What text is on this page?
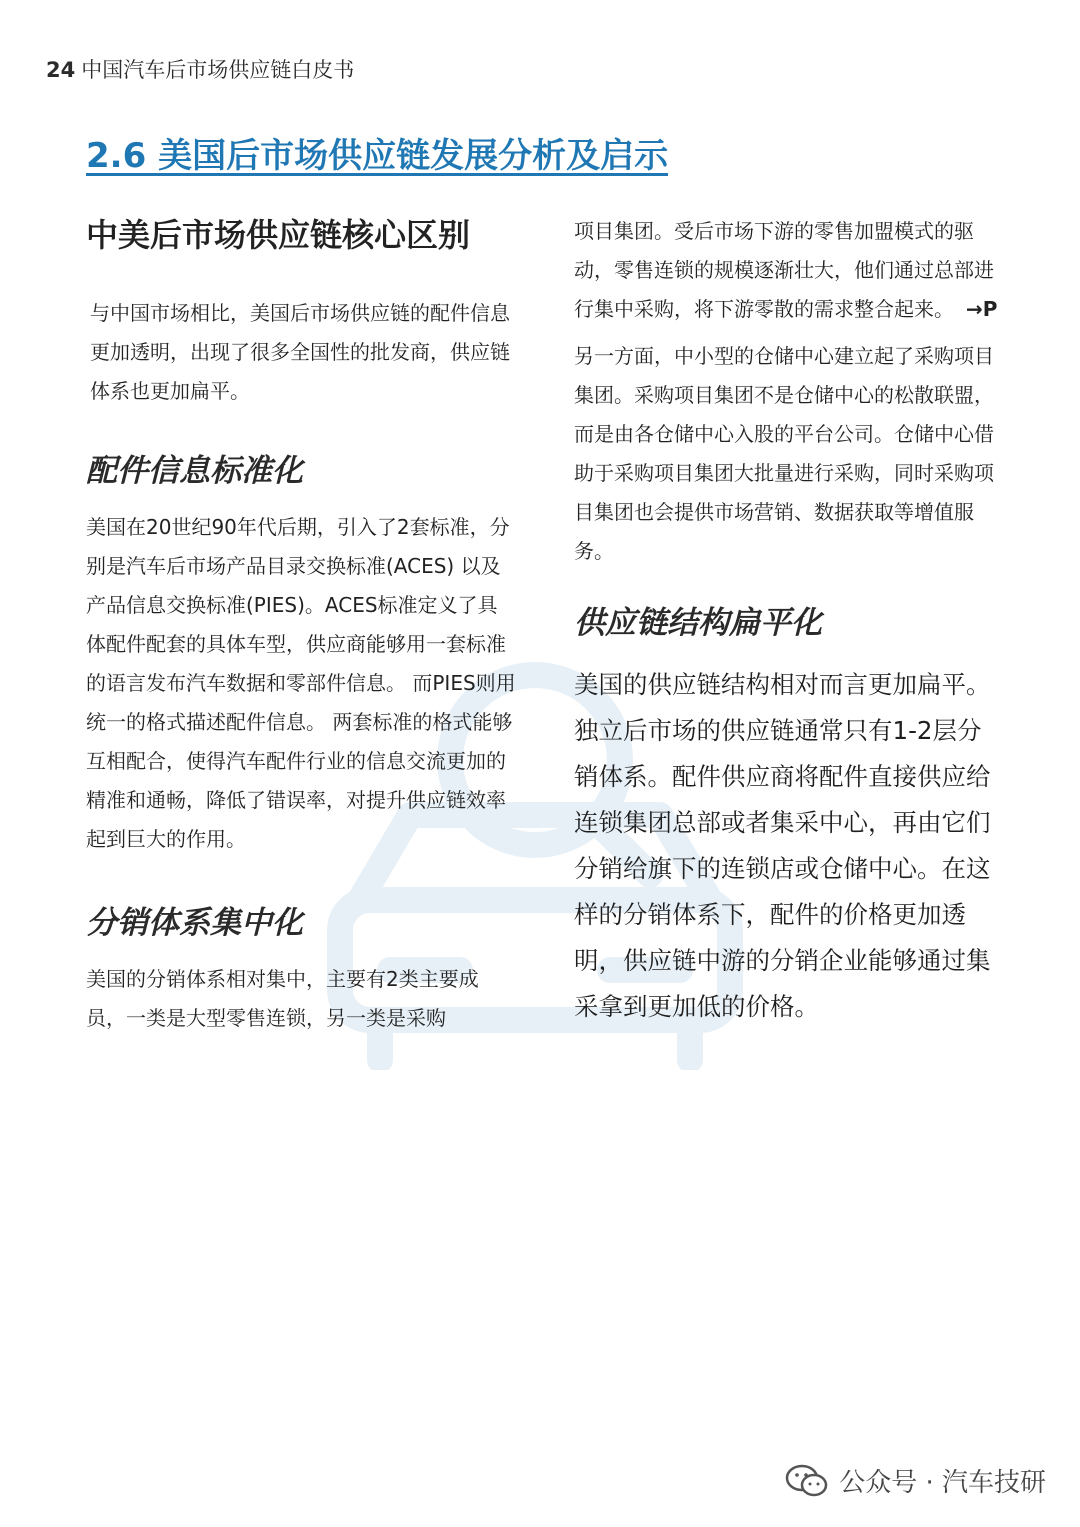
24 中国汽车后市场供应链白皮书
2.6 美国后市场供应链发展分析及启示
中美后市场供应链核心区别

与中国市场相比，美国后市场供应链的配件信息更加透明，出现了很多全国性的批发商，供应链体系也更加扁平。

配件信息标准化

美国在20世纪90年代后期，引入了2套标准，分别是汽车后市场产品目录交换标准(ACES) 以及产品信息交换标准(PIES)。ACES标准定义了具体配件配套的具体车型，供应商能够用一套标准的语言发布汽车数据和零部件信息。 而PIES则用统一的格式描述配件信息。 两套标准的格式能够互相配合，使得汽车配件行业的信息交流更加的精准和通畅，降低了错误率，对提升供应链效率起到巨大的作用。

分销体系集中化

美国的分销体系相对集中，主要有2类主要成员，一类是大型零售连锁，另一类是采购

项目集团。受后市场下游的零售加盟模式的驱动，零售连锁的规模逐渐壮大，他们通过总部进行集中采购，将下游零散的需求整合起来。 →P

另一方面，中小型的仓储中心建立起了采购项目集团。采购项目集团不是仓储中心的松散联盟，而是由各仓储中心入股的平台公司。仓储中心借助于采购项目集团大批量进行采购，同时采购项目集团也会提供市场营销、数据获取等增值服务。

供应链结构扁平化

美国的供应链结构相对而言更加扁平。独立后市场的供应链通常只有1-2层分销体系。配件供应商将配件直接供应给连锁集团总部或者集采中心，再由它们分销给旗下的连锁店或仓储中心。在这样的分销体系下，配件的价格更加透明，供应链中游的分销企业能够通过集采拿到更加低的价格。

公众号 · 汽车技研
